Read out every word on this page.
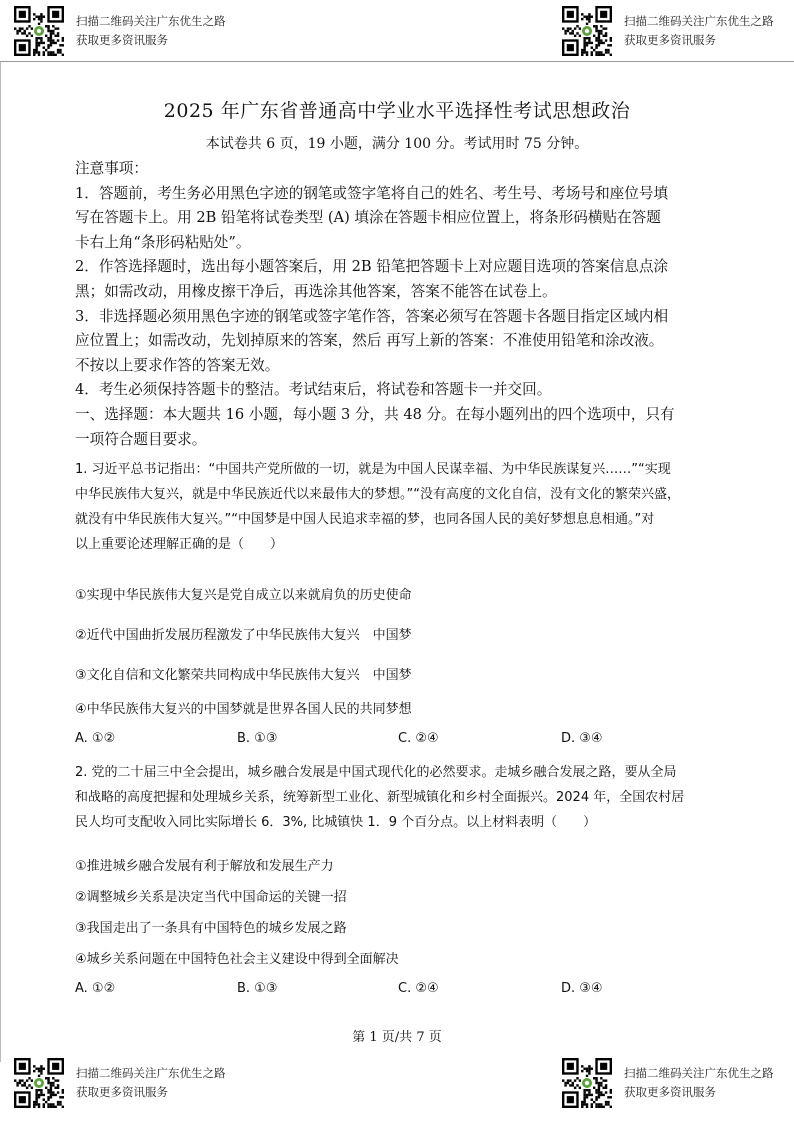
扫描二维码关注广东优生之路
获取更多资讯服务
扫描二维码关注广东优生之路
获取更多资讯服务
扫描二维码关注广东优生之路
获取更多资讯服务
扫描二维码关注广东优生之路
获取更多资讯服务
2025 年广东省普通高中学业水平选择性考试思想政治
本试卷共 6 页，19 小题，满分 100 分。考试用时 75 分钟。

注意事项：

1．答题前，考生务必用黑色字迹的钢笔或签字笔将自己的姓名、考生号、考场号和座位号填

写在答题卡上。用 2B 铅笔将试卷类型 (A) 填涂在答题卡相应位置上，将条形码横贴在答题

卡右上角“条形码粘贴处”。

2．作答选择题时，选出每小题答案后，用 2B 铅笔把答题卡上对应题目选项的答案信息点涂

黑；如需改动，用橡皮擦干净后，再选涂其他答案，答案不能答在试卷上。

3．非选择题必须用黑色字迹的钢笔或签字笔作答，答案必须写在答题卡各题目指定区域内相

应位置上；如需改动，先划掉原来的答案，然后 再写上新的答案：不准使用铅笔和涂改液。

不按以上要求作答的答案无效。

4．考生必须保持答题卡的整洁。考试结束后，将试卷和答题卡一并交回。

一、选择题：本大题共 16 小题，每小题 3 分，共 48 分。在每小题列出的四个选项中，只有

一项符合题目要求。

1. 习近平总书记指出：“中国共产党所做的一切，就是为中国人民谋幸福、为中华民族谋复兴……”“实现

中华民族伟大复兴，就是中华民族近代以来最伟大的梦想。”“没有高度的文化自信，没有文化的繁荣兴盛，

就没有中华民族伟大复兴。”“中国梦是中国人民追求幸福的梦，也同各国人民的美好梦想息息相通。”对

以上重要论述理解正确的是（　　）

①实现中华民族伟大复兴是党自成立以来就肩负的历史使命
②近代中国曲折发展历程激发了中华民族伟大复兴　中国梦
③文化自信和文化繁荣共同构成中华民族伟大复兴　中国梦
④中华民族伟大复兴的中国梦就是世界各国人民的共同梦想
A. ①②	B. ①③	C. ②④	D. ③④

2. 党的二十届三中全会提出，城乡融合发展是中国式现代化的必然要求。走城乡融合发展之路，要从全局

和战略的高度把握和处理城乡关系，统筹新型工业化、新型城镇化和乡村全面振兴。2024 年，全国农村居

民人均可支配收入同比实际增长 6．3%, 比城镇快 1．9 个百分点。以上材料表明（　　）

①推进城乡融合发展有利于解放和发展生产力
②调整城乡关系是决定当代中国命运的关键一招
③我国走出了一条具有中国特色的城乡发展之路
④城乡关系问题在中国特色社会主义建设中得到全面解决
A. ①②	B. ①③	C. ②④	D. ③④
第 1 页/共 7 页
